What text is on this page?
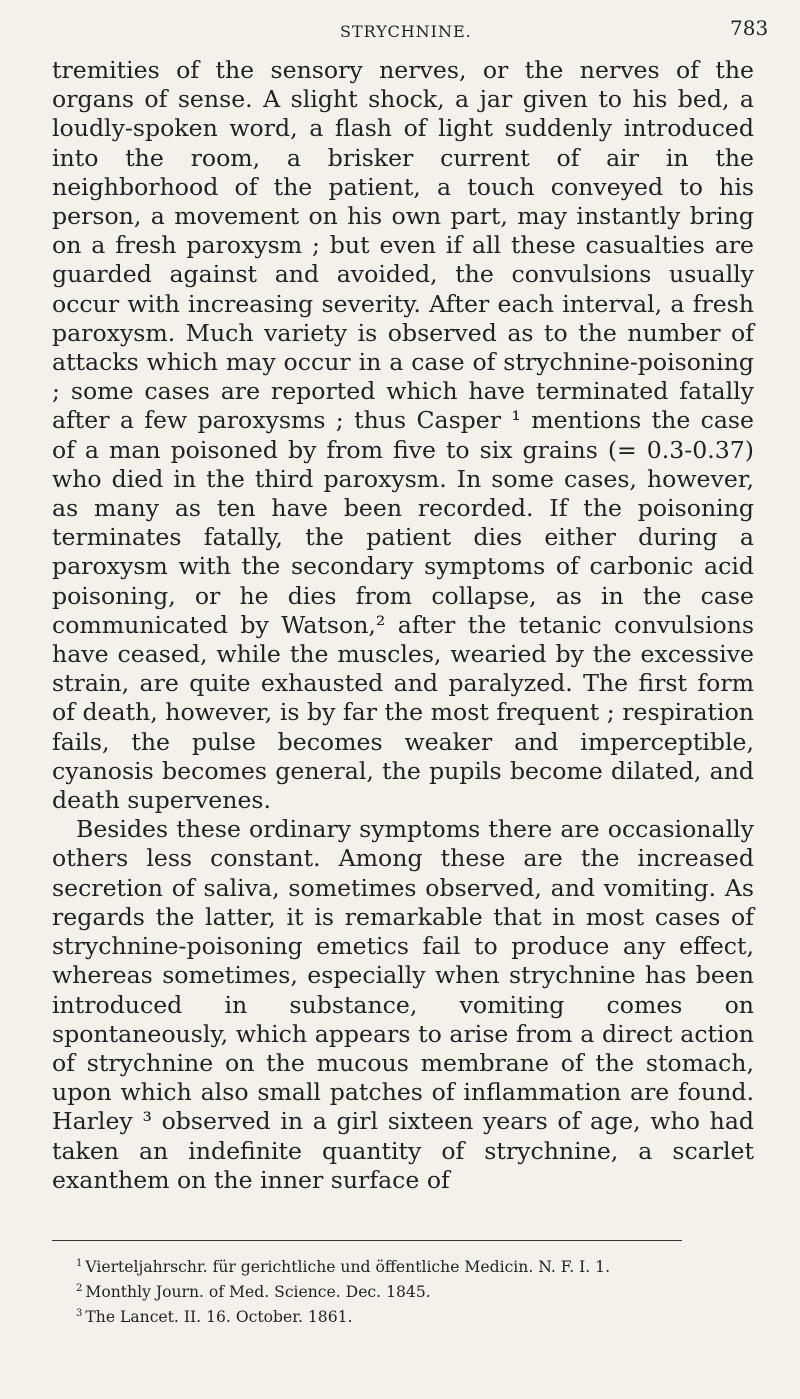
STRYCHNINE.	783

tremities of the sensory nerves, or the nerves of the organs of sense. A slight shock, a jar given to his bed, a loudly-spoken word, a flash of light suddenly introduced into the room, a brisker current of air in the neighborhood of the patient, a touch conveyed to his person, a movement on his own part, may instantly bring on a fresh paroxysm ; but even if all these casualties are guarded against and avoided, the convulsions usually occur with increasing severity. After each interval, a fresh paroxysm. Much variety is observed as to the number of attacks which may occur in a case of strychnine-poisoning ; some cases are reported which have terminated fatally after a few paroxysms ; thus Casper ¹ mentions the case of a man poisoned by from five to six grains (= 0.3-0.37) who died in the third paroxysm. In some cases, however, as many as ten have been recorded. If the poisoning terminates fatally, the patient dies either during a paroxysm with the secondary symptoms of carbonic acid poisoning, or he dies from collapse, as in the case communicated by Watson,² after the tetanic convulsions have ceased, while the muscles, wearied by the excessive strain, are quite exhausted and paralyzed. The first form of death, however, is by far the most frequent ; respiration fails, the pulse becomes weaker and imperceptible, cyanosis becomes general, the pupils become dilated, and death supervenes.

Besides these ordinary symptoms there are occasionally others less constant. Among these are the increased secretion of saliva, sometimes observed, and vomiting. As regards the latter, it is remarkable that in most cases of strychnine-poisoning emetics fail to produce any effect, whereas sometimes, especially when strychnine has been introduced in substance, vomiting comes on spontaneously, which appears to arise from a direct action of strychnine on the mucous membrane of the stomach, upon which also small patches of inflammation are found. Harley ³ observed in a girl sixteen years of age, who had taken an indefinite quantity of strychnine, a scarlet exanthem on the inner surface of

$^1$ Vierteljahrschr. für gerichtliche und öffentliche Medicin. N. F. I. 1.
$^2$ Monthly Journ. of Med. Science. Dec. 1845.
$^3$ The Lancet. II. 16. October. 1861.
